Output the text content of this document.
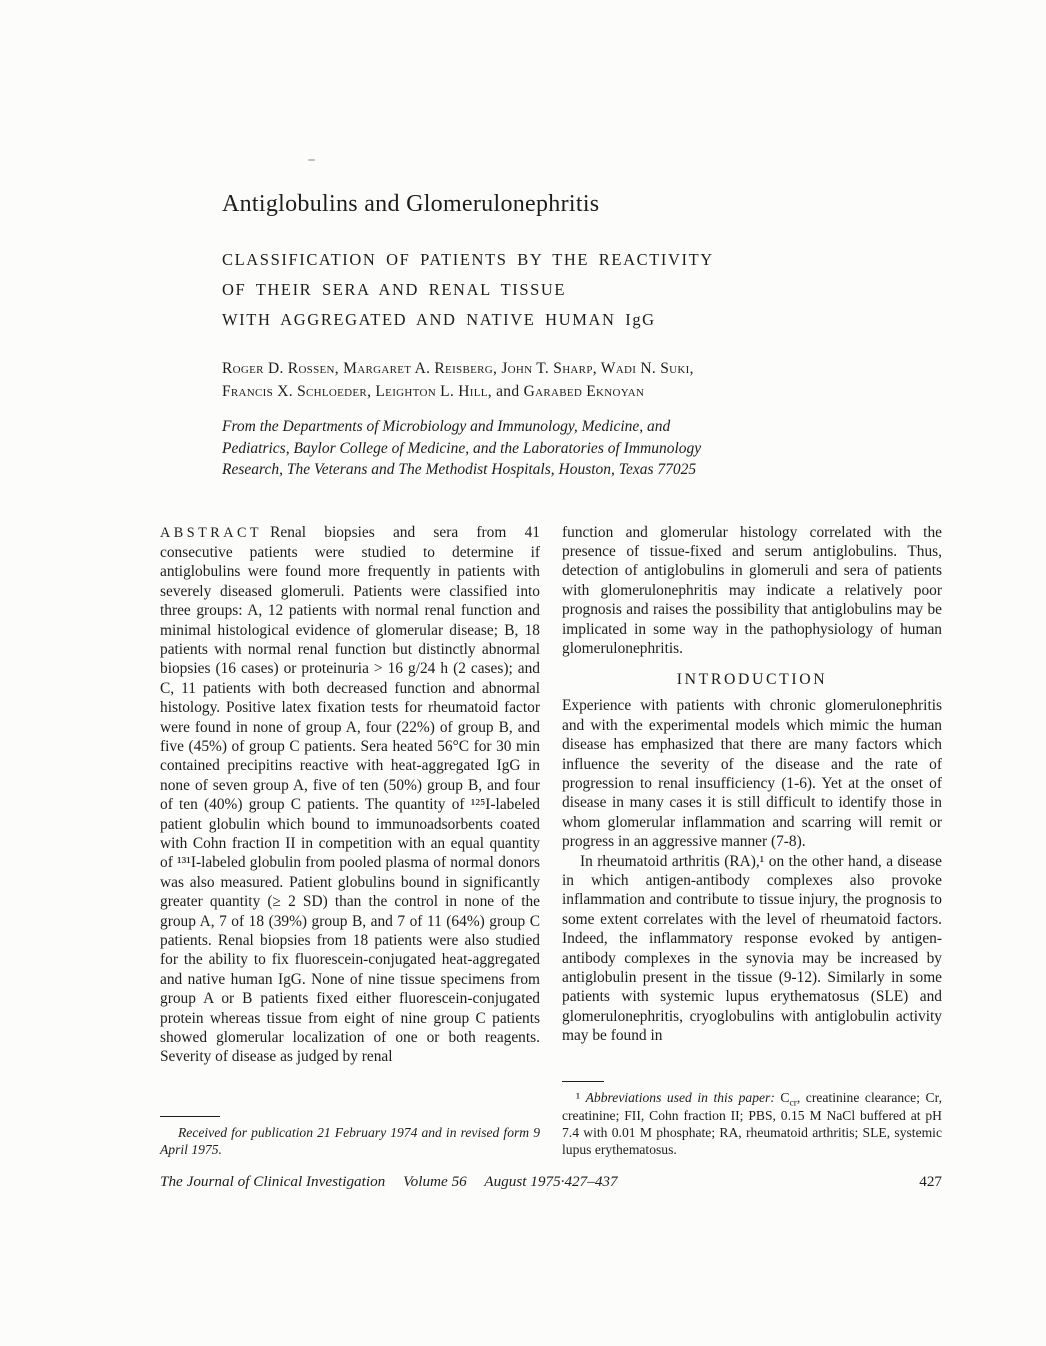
Antiglobulins and Glomerulonephritis
CLASSIFICATION OF PATIENTS BY THE REACTIVITY
OF THEIR SERA AND RENAL TISSUE
WITH AGGREGATED AND NATIVE HUMAN IgG
Roger D. Rossen, Margaret A. Reisberg, John T. Sharp, Wadi N. Suki,
Francis X. Schloeder, Leighton L. Hill, and Garabed Eknoyan
From the Departments of Microbiology and Immunology, Medicine, and Pediatrics, Baylor College of Medicine, and the Laboratories of Immunology Research, The Veterans and The Methodist Hospitals, Houston, Texas 77025

ABSTRACT Renal biopsies and sera from 41 consecutive patients were studied to determine if antiglobulins were found more frequently in patients with severely diseased glomeruli. Patients were classified into three groups: A, 12 patients with normal renal function and minimal histological evidence of glomerular disease; B, 18 patients with normal renal function but distinctly abnormal biopsies (16 cases) or proteinuria > 16 g/24 h (2 cases); and C, 11 patients with both decreased function and abnormal histology. Positive latex fixation tests for rheumatoid factor were found in none of group A, four (22%) of group B, and five (45%) of group C patients. Sera heated 56°C for 30 min contained precipitins reactive with heat-aggregated IgG in none of seven group A, five of ten (50%) group B, and four of ten (40%) group C patients. The quantity of ¹²⁵I-labeled patient globulin which bound to immunoadsorbents coated with Cohn fraction II in competition with an equal quantity of ¹³¹I-labeled globulin from pooled plasma of normal donors was also measured. Patient globulins bound in significantly greater quantity (≥ 2 SD) than the control in none of the group A, 7 of 18 (39%) group B, and 7 of 11 (64%) group C patients. Renal biopsies from 18 patients were also studied for the ability to fix fluorescein-conjugated heat-aggregated and native human IgG. None of nine tissue specimens from group A or B patients fixed either fluorescein-conjugated protein whereas tissue from eight of nine group C patients showed glomerular localization of one or both reagents. Severity of disease as judged by renal

Received for publication 21 February 1974 and in revised form 9 April 1975.

function and glomerular histology correlated with the presence of tissue-fixed and serum antiglobulins. Thus, detection of antiglobulins in glomeruli and sera of patients with glomerulonephritis may indicate a relatively poor prognosis and raises the possibility that antiglobulins may be implicated in some way in the pathophysiology of human glomerulonephritis.

INTRODUCTION

Experience with patients with chronic glomerulonephritis and with the experimental models which mimic the human disease has emphasized that there are many factors which influence the severity of the disease and the rate of progression to renal insufficiency (1-6). Yet at the onset of disease in many cases it is still difficult to identify those in whom glomerular inflammation and scarring will remit or progress in an aggressive manner (7-8).

In rheumatoid arthritis (RA),¹ on the other hand, a disease in which antigen-antibody complexes also provoke inflammation and contribute to tissue injury, the prognosis to some extent correlates with the level of rheumatoid factors. Indeed, the inflammatory response evoked by antigen-antibody complexes in the synovia may be increased by antiglobulin present in the tissue (9-12). Similarly in some patients with systemic lupus erythematosus (SLE) and glomerulonephritis, cryoglobulins with antiglobulin activity may be found in

¹ Abbreviations used in this paper: $C_{cr}$, creatinine clearance; Cr, creatinine; FII, Cohn fraction II; PBS, 0.15 M NaCl buffered at pH 7.4 with 0.01 M phosphate; RA, rheumatoid arthritis; SLE, systemic lupus erythematosus.

The Journal of Clinical Investigation Volume 56 August 1975·427–437	427
